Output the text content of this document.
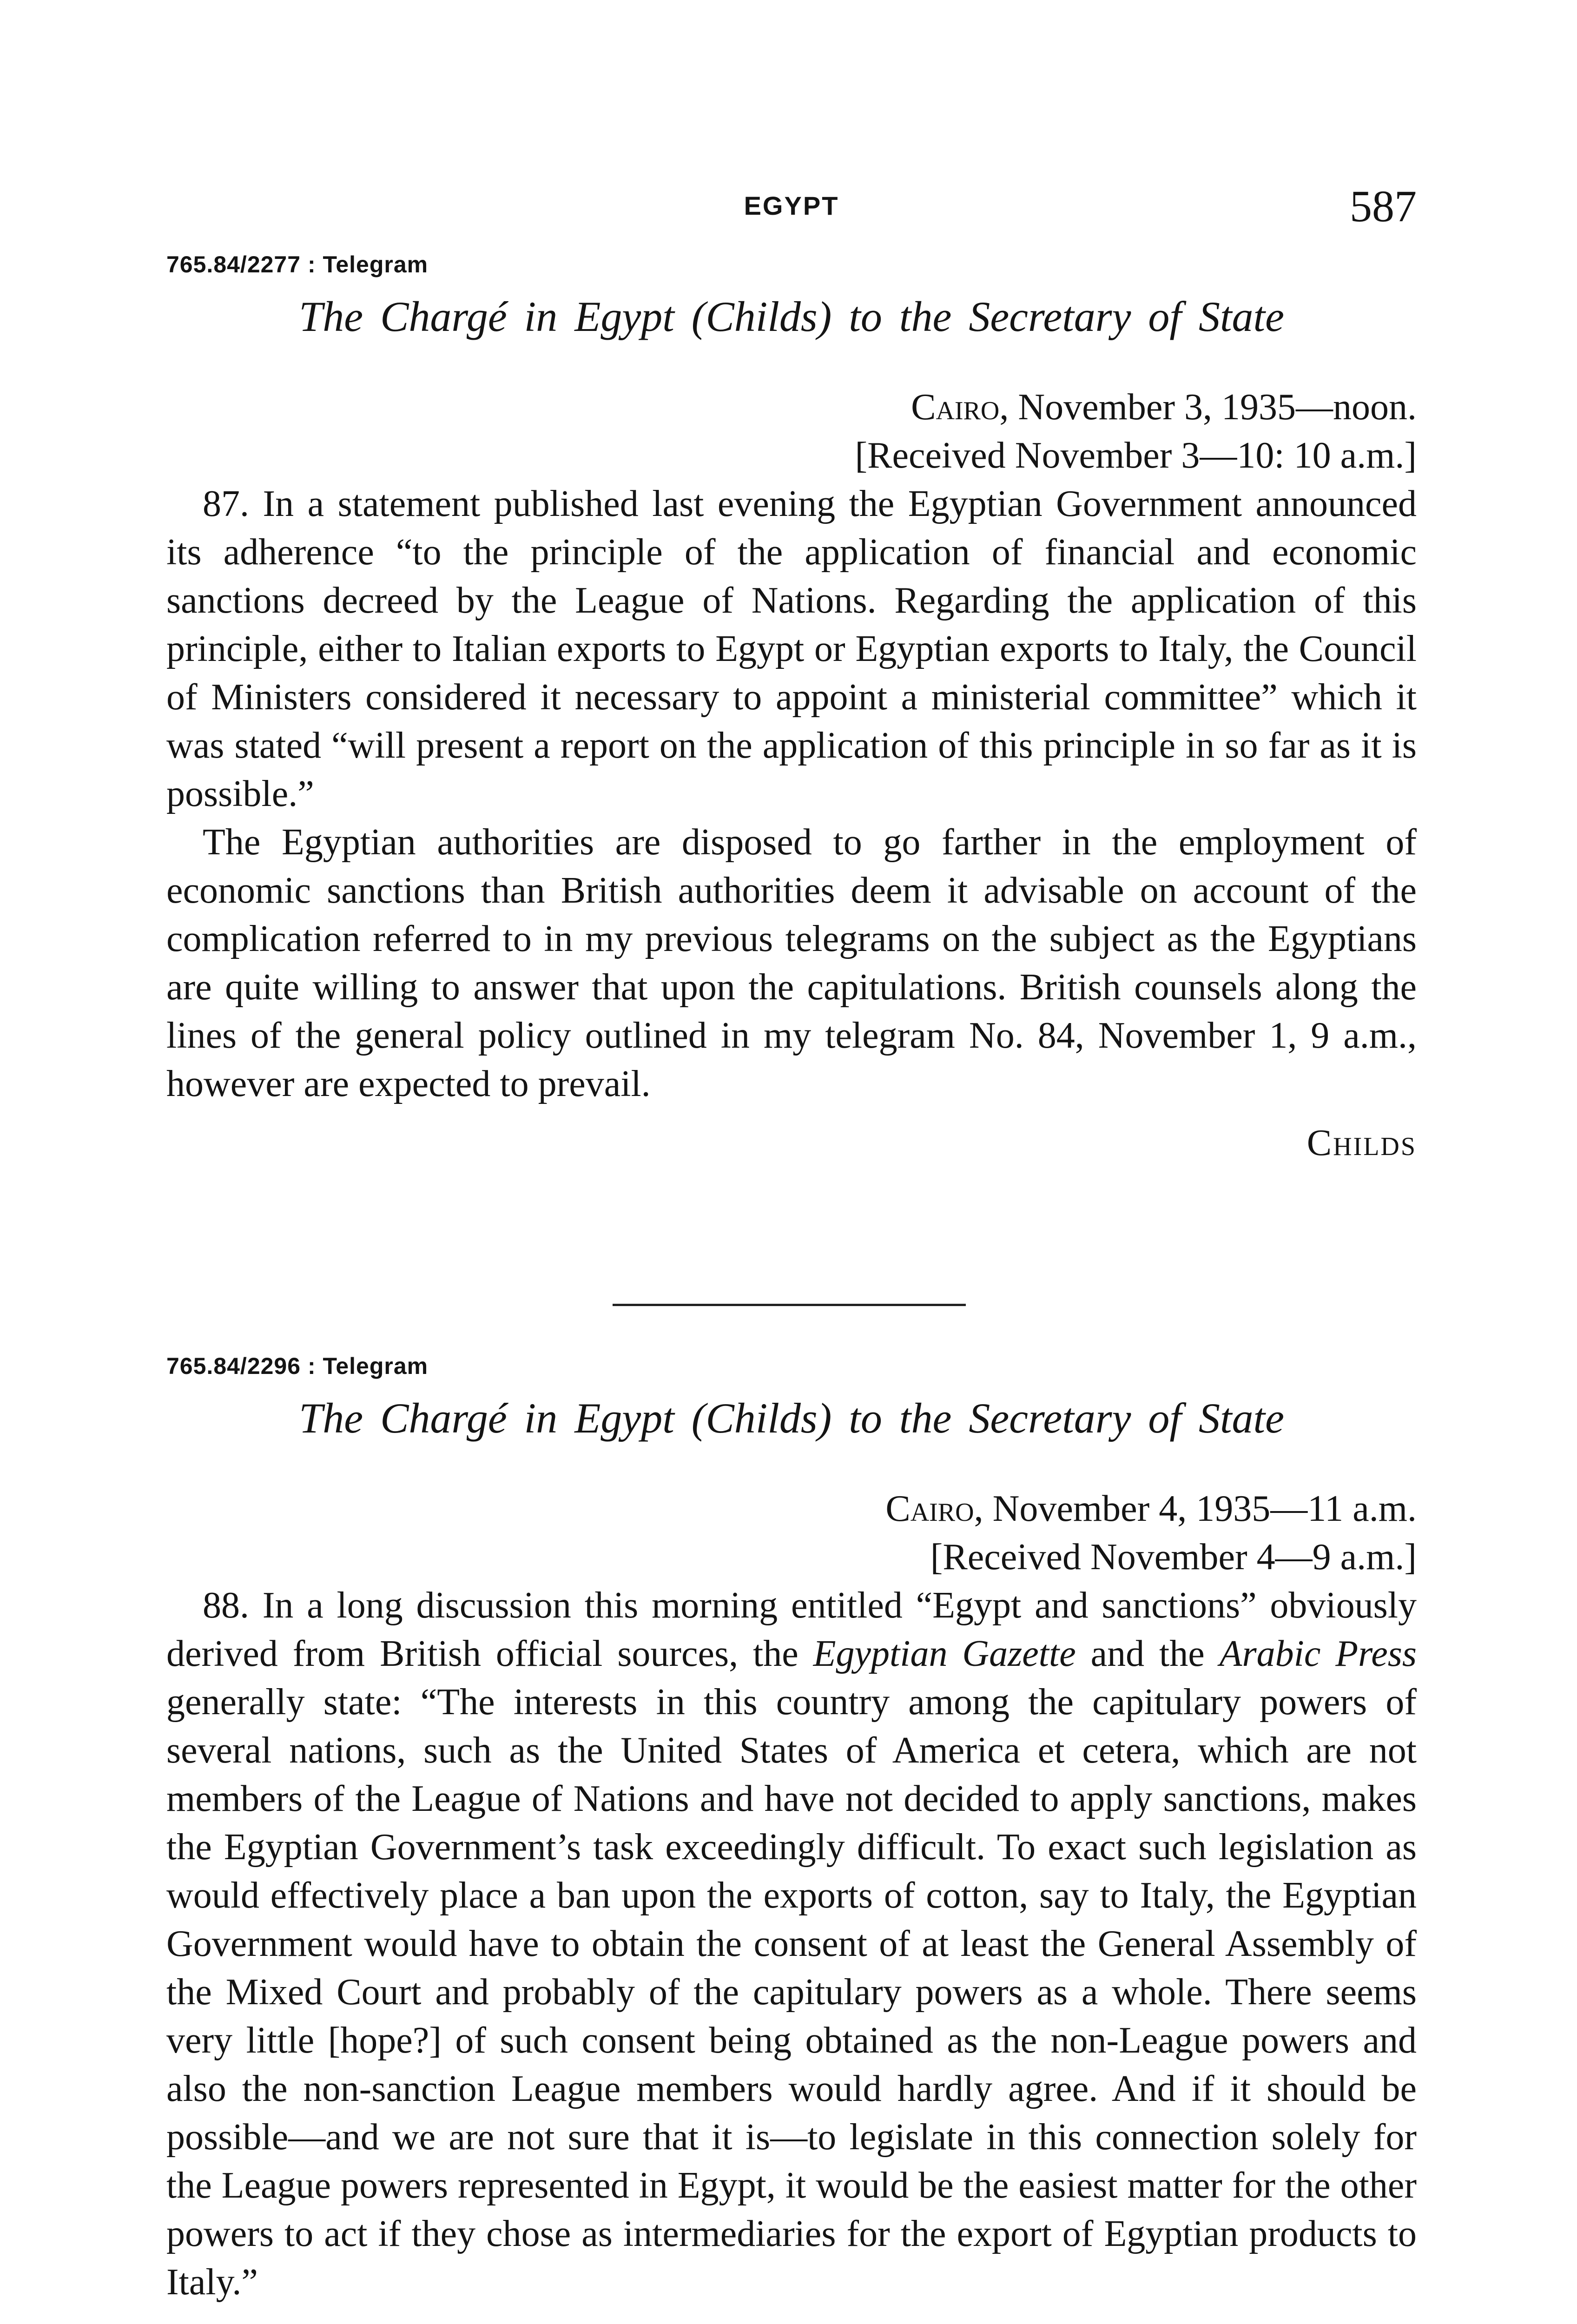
EGYPT	587
765.84/2277 : Telegram
The Chargé in Egypt (Childs) to the Secretary of State
Cairo, November 3, 1935—noon.
[Received November 3—10: 10 a.m.]

87. In a statement published last evening the Egyptian Government announced its adherence “to the principle of the application of financial and economic sanctions decreed by the League of Nations. Regarding the application of this principle, either to Italian exports to Egypt or Egyptian exports to Italy, the Council of Ministers considered it necessary to appoint a ministerial committee” which it was stated “will present a report on the application of this principle in so far as it is possible.”

The Egyptian authorities are disposed to go farther in the employment of economic sanctions than British authorities deem it advisable on account of the complication referred to in my previous telegrams on the subject as the Egyptians are quite willing to answer that upon the capitulations. British counsels along the lines of the general policy outlined in my telegram No. 84, November 1, 9 a.m., however are expected to prevail.

Childs
765.84/2296 : Telegram
The Chargé in Egypt (Childs) to the Secretary of State
Cairo, November 4, 1935—11 a.m.
[Received November 4—9 a.m.]

88. In a long discussion this morning entitled “Egypt and sanctions” obviously derived from British official sources, the Egyptian Gazette and the Arabic Press generally state: “The interests in this country among the capitulary powers of several nations, such as the United States of America et cetera, which are not members of the League of Nations and have not decided to apply sanctions, makes the Egyptian Government’s task exceedingly difficult. To exact such legislation as would effectively place a ban upon the exports of cotton, say to Italy, the Egyptian Government would have to obtain the consent of at least the General Assembly of the Mixed Court and probably of the capitulary powers as a whole. There seems very little [hope?] of such consent being obtained as the non-League powers and also the non-sanction League members would hardly agree. And if it should be possible—and we are not sure that it is—to legislate in this connection solely for the League powers represented in Egypt, it would be the easiest matter for the other powers to act if they chose as intermediaries for the export of Egyptian products to Italy.”
